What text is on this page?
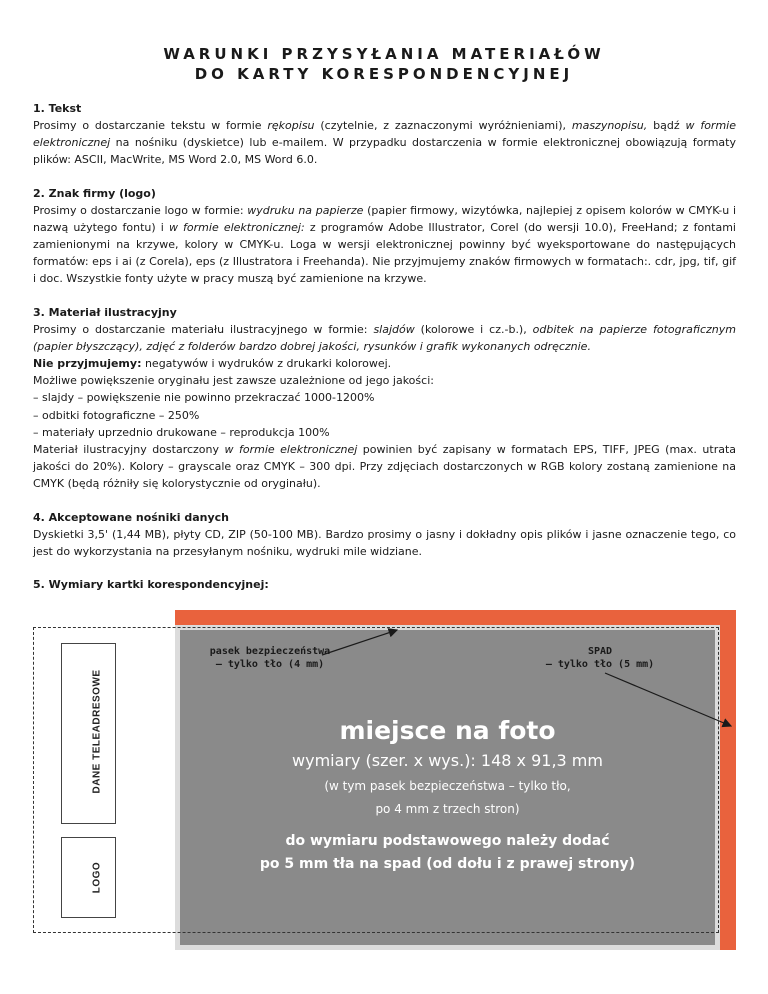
WARUNKI PRZYSYŁANIA MATERIAŁÓW
DO KARTY KORESPONDENCYJNEJ
1. Tekst

Prosimy o dostarczanie tekstu w formie rękopisu (czytelnie, z zaznaczonymi wyróżnieniami), maszynopisu, bądź w formie elektronicznej na nośniku (dyskietce) lub e-mailem. W przypadku dostarczenia w formie elektronicznej obowiązują formaty plików: ASCII, MacWrite, MS Word 2.0, MS Word 6.0.

2. Znak firmy (logo)

Prosimy o dostarczanie logo w formie: wydruku na papierze (papier firmowy, wizytówka, najlepiej z opisem kolorów w CMYK-u i nazwą użytego fontu) i w formie elektronicznej: z programów Adobe Illustrator, Corel (do wersji 10.0), FreeHand; z fontami zamienionymi na krzywe, kolory w CMYK-u. Loga w wersji elektronicznej powinny być wyeksportowane do następujących formatów: eps i ai (z Corela), eps (z Illustratora i Freehanda). Nie przyjmujemy znaków firmowych w formatach:. cdr, jpg, tif, gif i doc. Wszystkie fonty użyte w pracy muszą być zamienione na krzywe.

3. Materiał ilustracyjny

Prosimy o dostarczanie materiału ilustracyjnego w formie: slajdów (kolorowe i cz.-b.), odbitek na papierze fotograficznym (papier błyszczący), zdjęć z folderów bardzo dobrej jakości, rysunków i grafik wykonanych odręcznie.

Nie przyjmujemy: negatywów i wydruków z drukarki kolorowej.

Możliwe powiększenie oryginału jest zawsze uzależnione od jego jakości:

– slajdy – powiększenie nie powinno przekraczać 1000-1200%

– odbitki fotograficzne – 250%

– materiały uprzednio drukowane – reprodukcja 100%

Materiał ilustracyjny dostarczony w formie elektronicznej powinien być zapisany w formatach EPS, TIFF, JPEG (max. utrata jakości do 20%). Kolory – grayscale oraz CMYK – 300 dpi. Przy zdjęciach dostarczonych w RGB kolory zostaną zamienione na CMYK (będą różniły się kolorystycznie od oryginału).

4. Akceptowane nośniki danych

Dyskietki 3,5' (1,44 MB), płyty CD, ZIP (50-100 MB). Bardzo prosimy o jasny i dokładny opis plików i jasne oznaczenie tego, co jest do wykorzystania na przesyłanym nośniku, wydruki mile widziane.

5. Wymiary kartki korespondencyjnej:
DANE TELEADRESOWE
LOGO
pasek bezpieczeństwa
– tylko tło (4 mm)
SPAD
– tylko tło (5 mm)
miejsce na foto
wymiary (szer. x wys.): 148 x 91,3 mm
(w tym pasek bezpieczeństwa – tylko tło,
po 4 mm z trzech stron)
do wymiaru podstawowego należy dodać
po 5 mm tła na spad (od dołu i z prawej strony)
